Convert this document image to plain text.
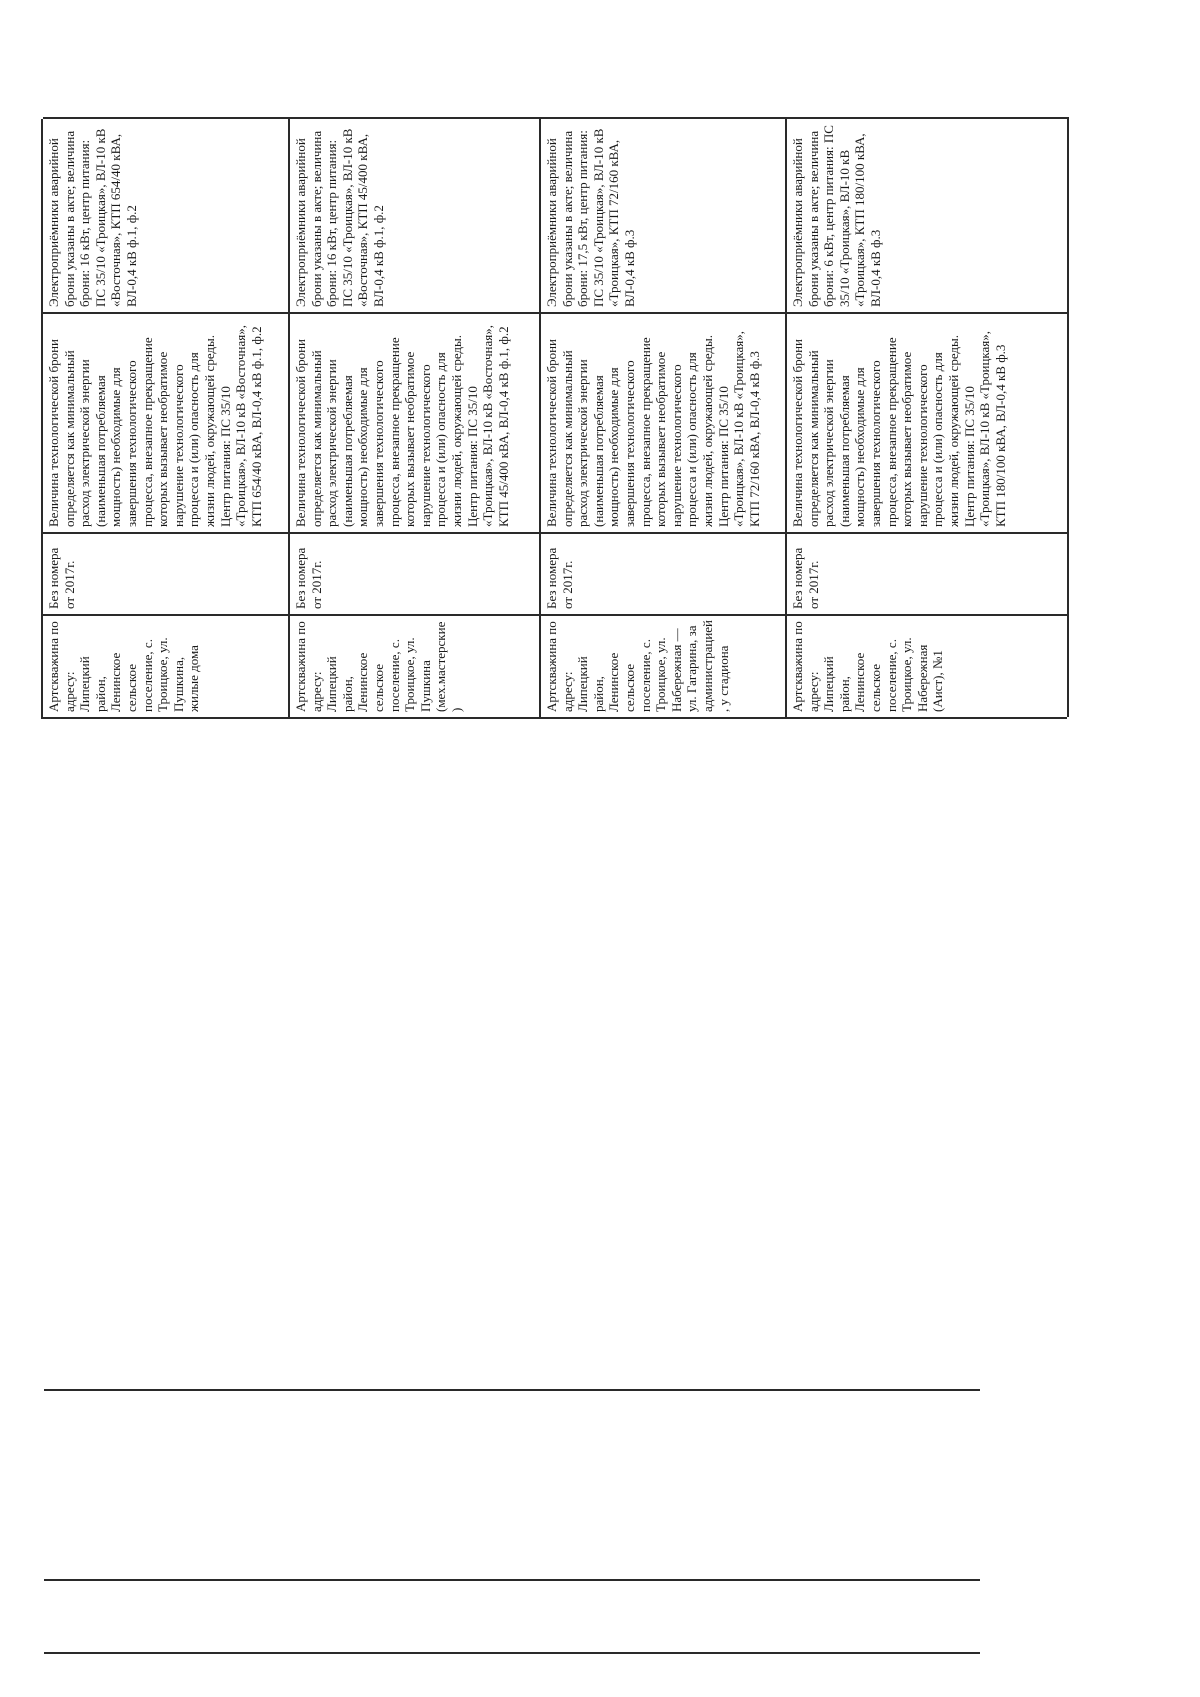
Артскважина по адресу: Липецкий район, Ленинское сельское поселение, с. Троицкое, ул. Пушкина, жилые дома
Без номера от 2017г.
Величина технологической брони определяется как минимальный расход электрической энергии (наименьшая потребляемая мощность) необходимые для завершения технологического процесса, внезапное прекращение которых вызывает необратимое нарушение технологического процесса и (или) опасность для жизни людей, окружающей среды. Центр питания: ПС 35/10 «Троицкая», ВЛ-10 кВ «Восточная», КТП 654/40 кВА, ВЛ-0,4 кВ ф.1, ф.2
Электроприёмники аварийной брони указаны в акте; величина брони: 16 кВт, центр питания: ПС 35/10 «Троицкая», ВЛ-10 кВ «Восточная», КТП 654/40 кВА, ВЛ-0,4 кВ ф.1, ф.2
Артскважина по адресу: Липецкий район, Ленинское сельское поселение, с. Троицкое, ул. Пушкина (мех.мастерские)
Без номера от 2017г.
Величина технологической брони определяется как минимальный расход электрической энергии (наименьшая потребляемая мощность) необходимые для завершения технологического процесса, внезапное прекращение которых вызывает необратимое нарушение технологического процесса и (или) опасность для жизни людей, окружающей среды. Центр питания: ПС 35/10 «Троицкая», ВЛ-10 кВ «Восточная», КТП 45/400 кВА, ВЛ-0,4 кВ ф.1, ф.2
Электроприёмники аварийной брони указаны в акте; величина брони: 16 кВт, центр питания: ПС 35/10 «Троицкая», ВЛ-10 кВ «Восточная», КТП 45/400 кВА, ВЛ-0,4 кВ ф.1, ф.2
Артскважина по адресу: Липецкий район, Ленинское сельское поселение, с. Троицкое, ул. Набережная — ул. Гагарина, за администрацией, у стадиона
Без номера от 2017г.
Величина технологической брони определяется как минимальный расход электрической энергии (наименьшая потребляемая мощность) необходимые для завершения технологического процесса, внезапное прекращение которых вызывает необратимое нарушение технологического процесса и (или) опасность для жизни людей, окружающей среды. Центр питания: ПС 35/10 «Троицкая», ВЛ-10 кВ «Троицкая», КТП 72/160 кВА, ВЛ-0,4 кВ ф.3
Электроприёмники аварийной брони указаны в акте; величина брони: 17,5 кВт, центр питания: ПС 35/10 «Троицкая», ВЛ-10 кВ «Троицкая», КТП 72/160 кВА, ВЛ-0,4 кВ ф.3
Артскважина по адресу: Липецкий район, Ленинское сельское поселение, с. Троицкое, ул. Набережная (Аист), №1
Без номера от 2017г.
Величина технологической брони определяется как минимальный расход электрической энергии (наименьшая потребляемая мощность) необходимые для завершения технологического процесса, внезапное прекращение которых вызывает необратимое нарушение технологического процесса и (или) опасность для жизни людей, окружающей среды. Центр питания: ПС 35/10 «Троицкая», ВЛ-10 кВ «Троицкая», КТП 180/100 кВА, ВЛ-0,4 кВ ф.3
Электроприёмники аварийной брони указаны в акте; величина брони: 6 кВт, центр питания: ПС 35/10 «Троицкая», ВЛ-10 кВ «Троицкая», КТП 180/100 кВА, ВЛ-0,4 кВ ф.3
